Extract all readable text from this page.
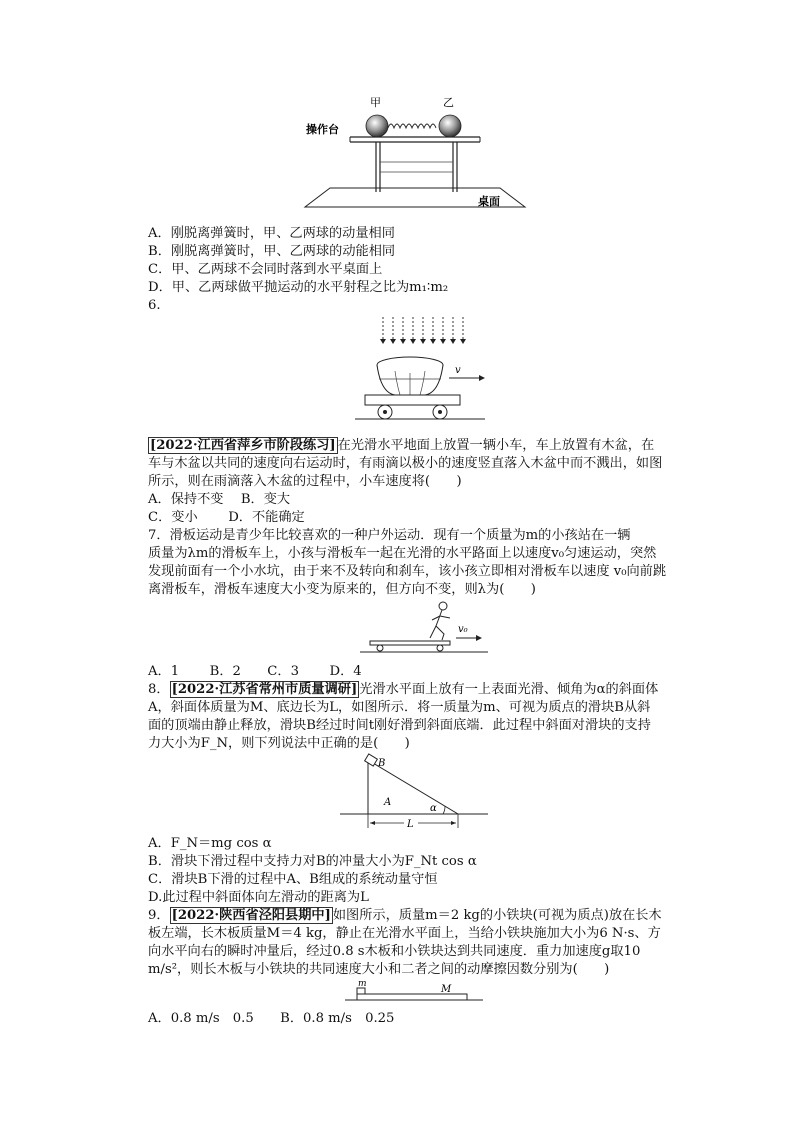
甲	乙
操作台
桌面
A．刚脱离弹簧时，甲、乙两球的动量相同
B．刚脱离弹簧时，甲、乙两球的动能相同
C．甲、乙两球不会同时落到水平桌面上
D．甲、乙两球做平抛运动的水平射程之比为m₁∶m₂
6.
v
[2022·江西省萍乡市阶段练习] 在光滑水平地面上放置一辆小车，车上放置有木盆，在
车与木盆以共同的速度向右运动时，有雨滴以极小的速度竖直落入木盆中而不溅出，如图
所示，则在雨滴落入木盆的过程中，小车速度将(　　)
A．保持不变　 B．变大
C．变小　　 D．不能确定
7．滑板运动是青少年比较喜欢的一种户外运动．现有一个质量为m的小孩站在一辆
质量为λm的滑板车上，小孩与滑板车一起在光滑的水平路面上以速度v₀匀速运动，突然
发现前面有一个小水坑，由于来不及转向和刹车，该小孩立即相对滑板车以速度 v₀向前跳
离滑板车，滑板车速度大小变为原来的，但方向不变，则λ为(　　)
v₀
A．1　　 B．2　　C．3　　 D．4
8． [2022·江苏省常州市质量调研] 光滑水平面上放有一上表面光滑、倾角为α的斜面体
A，斜面体质量为M、底边长为L，如图所示．将一质量为m、可视为质点的滑块B从斜
面的顶端由静止释放，滑块B经过时间t刚好滑到斜面底端．此过程中斜面对滑块的支持
力大小为F_N，则下列说法中正确的是(　　)
B
A
α
L
A．F_N＝mg cos α
B．滑块下滑过程中支持力对B的冲量大小为F_Nt cos α
C．滑块B下滑的过程中A、B组成的系统动量守恒
D.此过程中斜面体向左滑动的距离为L
9． [2022·陕西省泾阳县期中] 如图所示，质量m＝2 kg的小铁块(可视为质点)放在长木
板左端，长木板质量M＝4 kg，静止在光滑水平面上，当给小铁块施加大小为6 N·s、方
向水平向右的瞬时冲量后，经过0.8 s木板和小铁块达到共同速度．重力加速度g取10
m/s²，则长木板与小铁块的共同速度大小和二者之间的动摩擦因数分别为(　　)
m	M
A．0.8 m/s　0.5　　B．0.8 m/s　0.25
